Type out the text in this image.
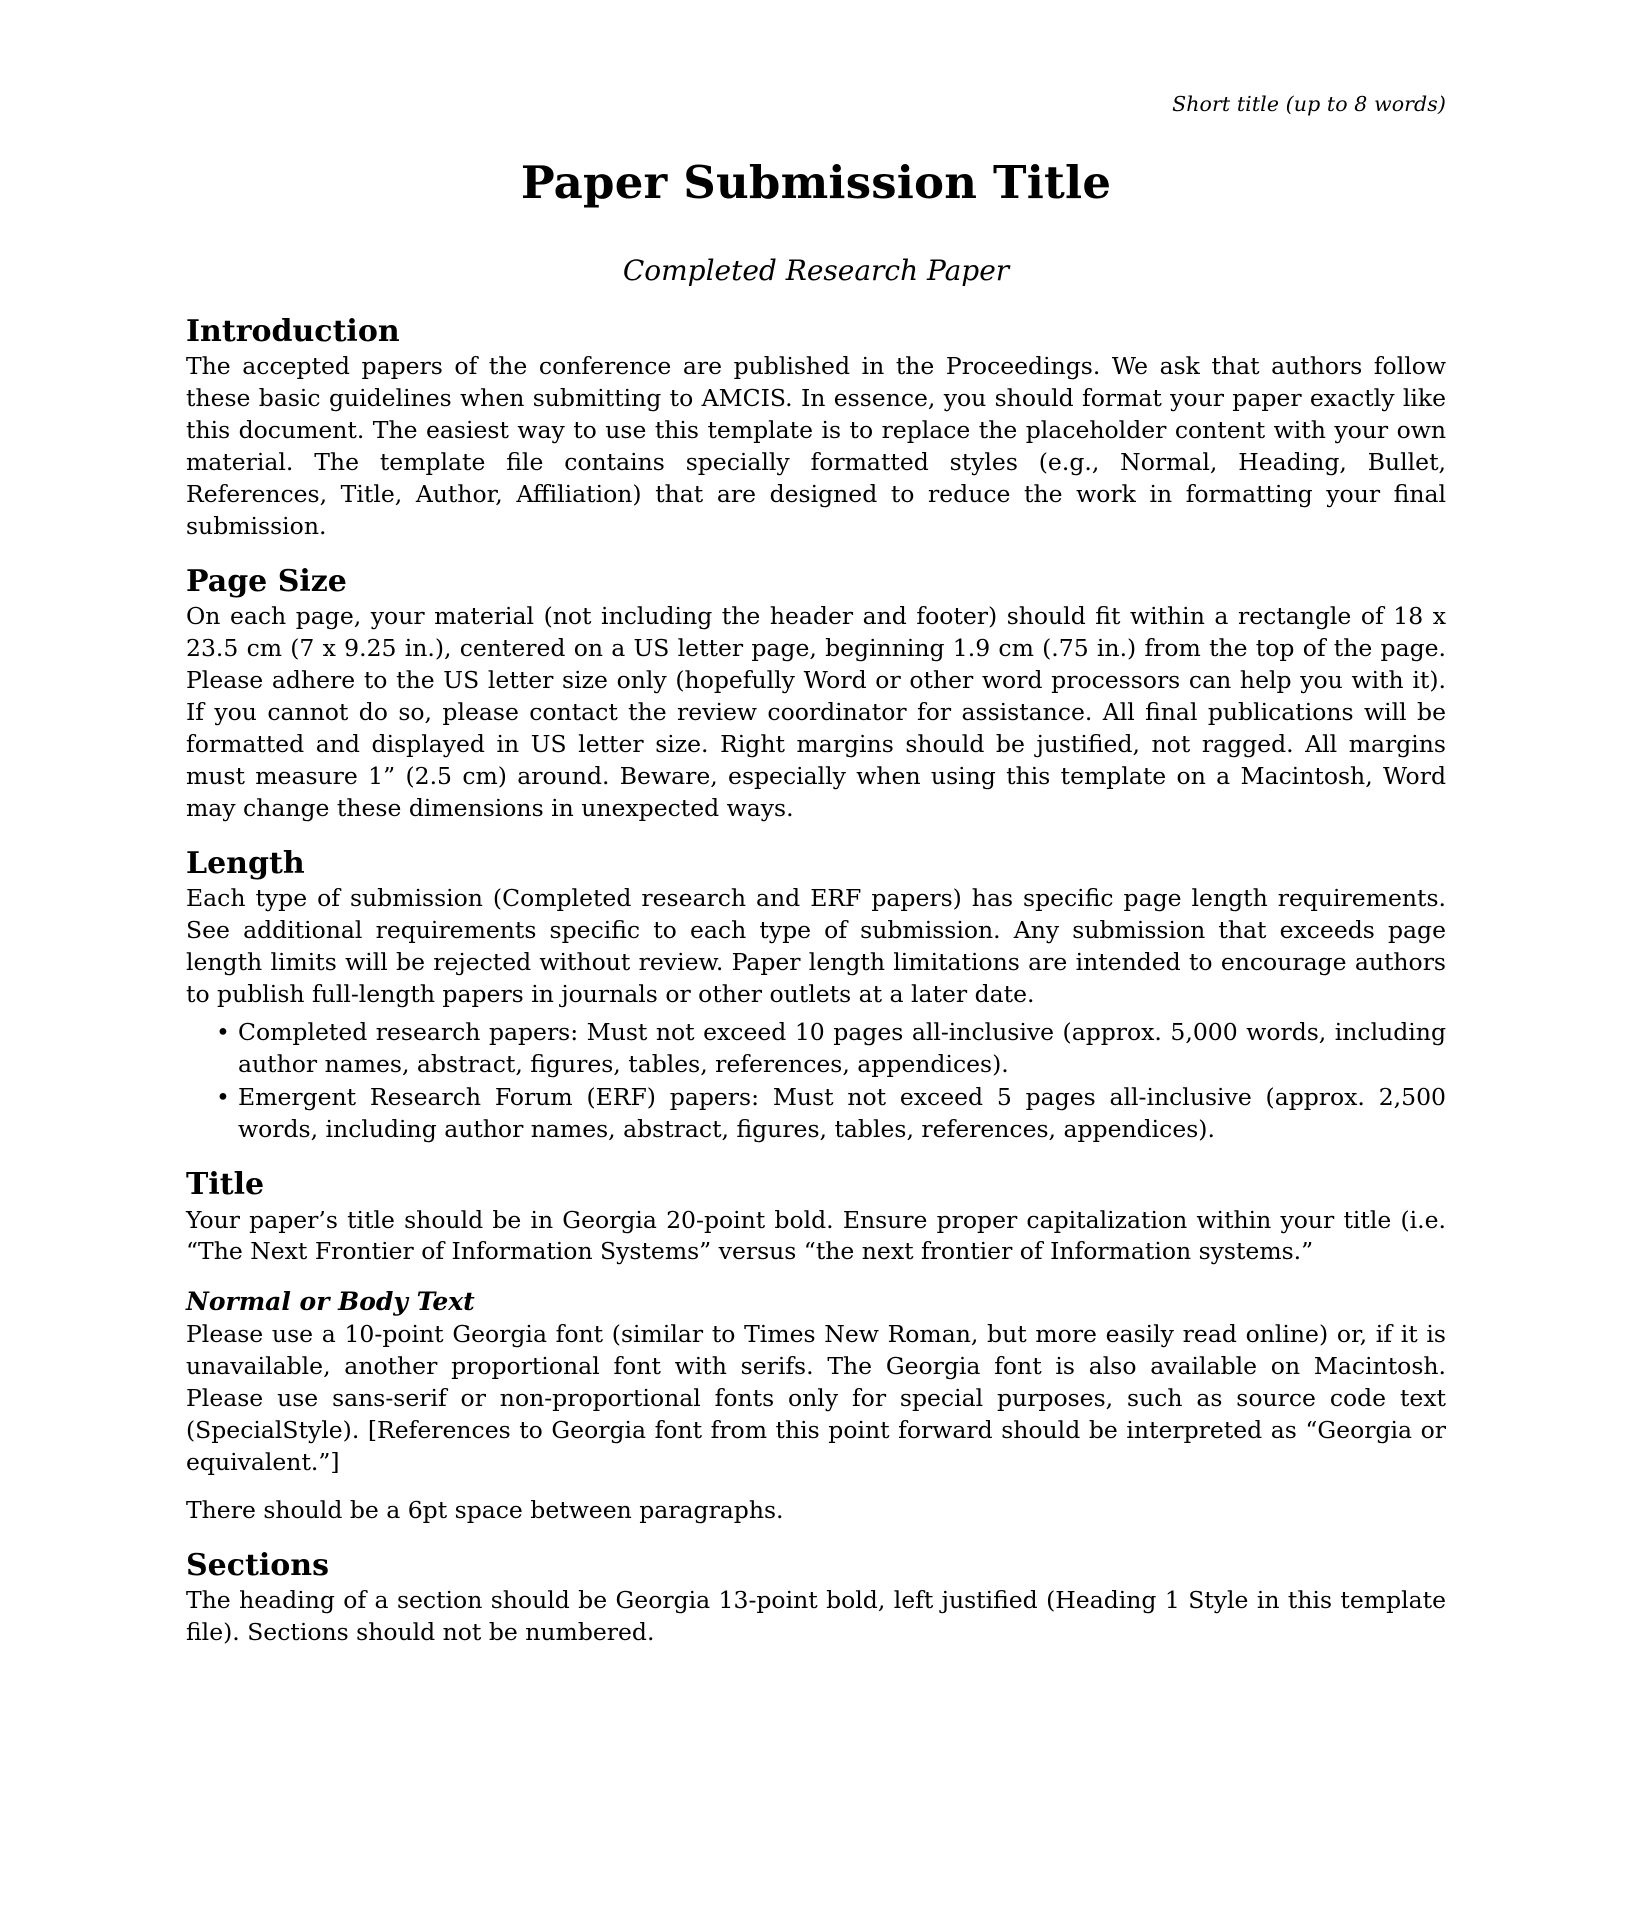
Short title (up to 8 words)
Paper Submission Title
Completed Research Paper
Introduction

The accepted papers of the conference are published in the Proceedings. We ask that authors follow these basic guidelines when submitting to AMCIS. In essence, you should format your paper exactly like this document. The easiest way to use this template is to replace the placeholder content with your own material. The template file contains specially formatted styles (e.g., Normal, Heading, Bullet, References, Title, Author, Affiliation) that are designed to reduce the work in formatting your final submission.

Page Size

On each page, your material (not including the header and footer) should fit within a rectangle of 18 x 23.5 cm (7 x 9.25 in.), centered on a US letter page, beginning 1.9 cm (.75 in.) from the top of the page. Please adhere to the US letter size only (hopefully Word or other word processors can help you with it). If you cannot do so, please contact the review coordinator for assistance. All final publications will be formatted and displayed in US letter size. Right margins should be justified, not ragged. All margins must measure 1” (2.5 cm) around. Beware, especially when using this template on a Macintosh, Word may change these dimensions in unexpected ways.

Length

Each type of submission (Completed research and ERF papers) has specific page length requirements. See additional requirements specific to each type of submission. Any submission that exceeds page length limits will be rejected without review. Paper length limitations are intended to encourage authors to publish full-length papers in journals or other outlets at a later date.

• Completed research papers: Must not exceed 10 pages all-inclusive (approx. 5,000 words, including author names, abstract, figures, tables, references, appendices).
• Emergent Research Forum (ERF) papers: Must not exceed 5 pages all-inclusive (approx. 2,500 words, including author names, abstract, figures, tables, references, appendices).
Title

Your paper’s title should be in Georgia 20-point bold. Ensure proper capitalization within your title (i.e. “The Next Frontier of Information Systems” versus “the next frontier of Information systems.”

Normal or Body Text

Please use a 10-point Georgia font (similar to Times New Roman, but more easily read online) or, if it is unavailable, another proportional font with serifs. The Georgia font is also available on Macintosh. Please use sans-serif or non-proportional fonts only for special purposes, such as source code text (SpecialStyle). [References to Georgia font from this point forward should be interpreted as “Georgia or equivalent.”]

There should be a 6pt space between paragraphs.

Sections

The heading of a section should be Georgia 13-point bold, left justified (Heading 1 Style in this template file). Sections should not be numbered.
